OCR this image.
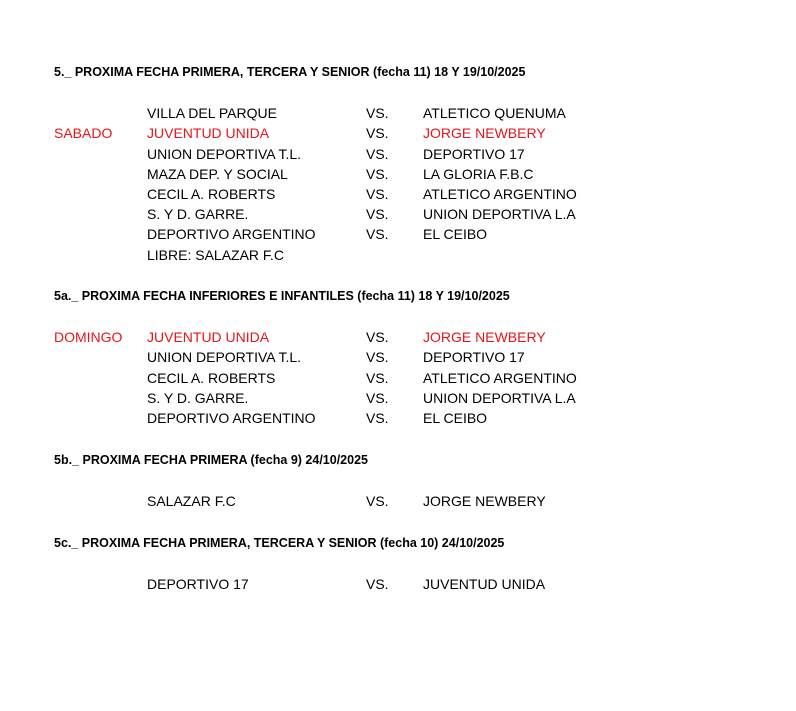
5._ PROXIMA FECHA PRIMERA, TERCERA Y SENIOR (fecha 11) 18 Y 19/10/2025
VILLA DEL PARQUE	VS. ATLETICO QUENUMA
SABADO JUVENTUD UNIDA	VS. JORGE NEWBERY
UNION DEPORTIVA T.L.	VS. DEPORTIVO 17
MAZA DEP. Y SOCIAL	VS. LA GLORIA F.B.C
CECIL A. ROBERTS	VS. ATLETICO ARGENTINO
S. Y D. GARRE.	VS. UNION DEPORTIVA L.A
DEPORTIVO ARGENTINO	VS. EL CEIBO
LIBRE: SALAZAR F.C
5a._ PROXIMA FECHA INFERIORES E INFANTILES (fecha 11) 18 Y 19/10/2025
DOMINGO JUVENTUD UNIDA	VS. JORGE NEWBERY
UNION DEPORTIVA T.L.	VS. DEPORTIVO 17
CECIL A. ROBERTS	VS. ATLETICO ARGENTINO
S. Y D. GARRE.	VS. UNION DEPORTIVA L.A
DEPORTIVO ARGENTINO	VS. EL CEIBO
5b._ PROXIMA FECHA PRIMERA (fecha 9) 24/10/2025
SALAZAR F.C	VS. JORGE NEWBERY
5c._ PROXIMA FECHA PRIMERA, TERCERA Y SENIOR (fecha 10) 24/10/2025
DEPORTIVO 17	VS. JUVENTUD UNIDA
